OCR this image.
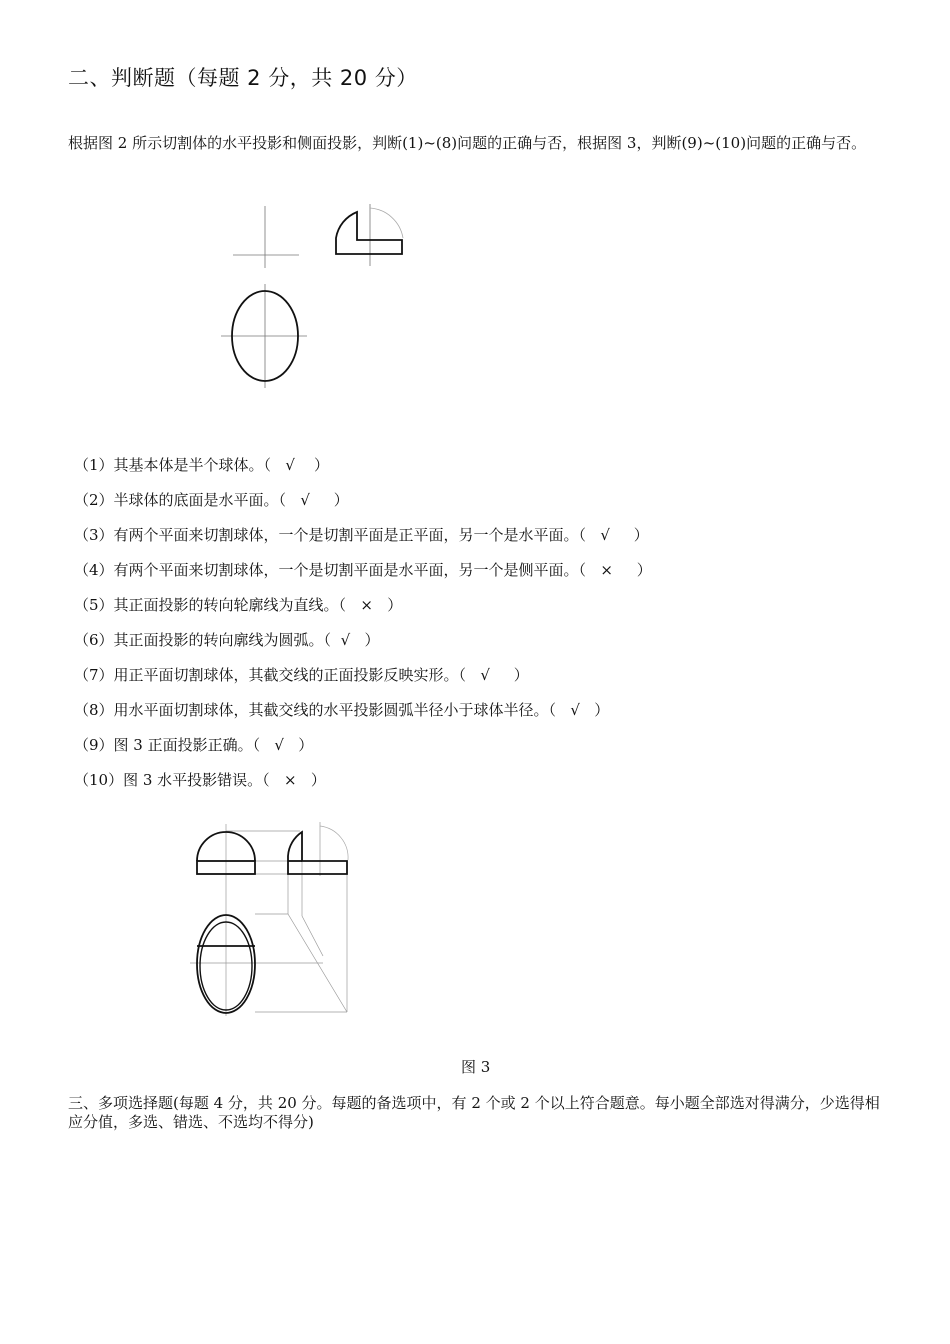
二、判断题（每题 2 分，共 20 分）
根据图 2 所示切割体的水平投影和侧面投影，判断(1)~(8)问题的正确与否，根据图 3，判断(9)~(10)问题的正确与否。
（1）其基本体是半个球体。（   √    ）
（2）半球体的底面是水平面。（   √     ）
（3）有两个平面来切割球体，一个是切割平面是正平面，另一个是水平面。（   √     ）
（4）有两个平面来切割球体，一个是切割平面是水平面，另一个是侧平面。（   ×     ）
（5）其正面投影的转向轮廓线为直线。（   ×   ）
（6）其正面投影的转向廓线为圆弧。（  √   ）
（7）用正平面切割球体，其截交线的正面投影反映实形。（   √     ）
（8）用水平面切割球体，其截交线的水平投影圆弧半径小于球体半径。（   √   ）
（9）图 3 正面投影正确。（   √   ）
（10）图 3 水平投影错误。（   ×   ）
图 3
三、多项选择题(每题 4 分，共 20 分。每题的备选项中，有 2 个或 2 个以上符合题意。每小题全部选对得满分，少选得相应分值，多选、错选、不选均不得分)
